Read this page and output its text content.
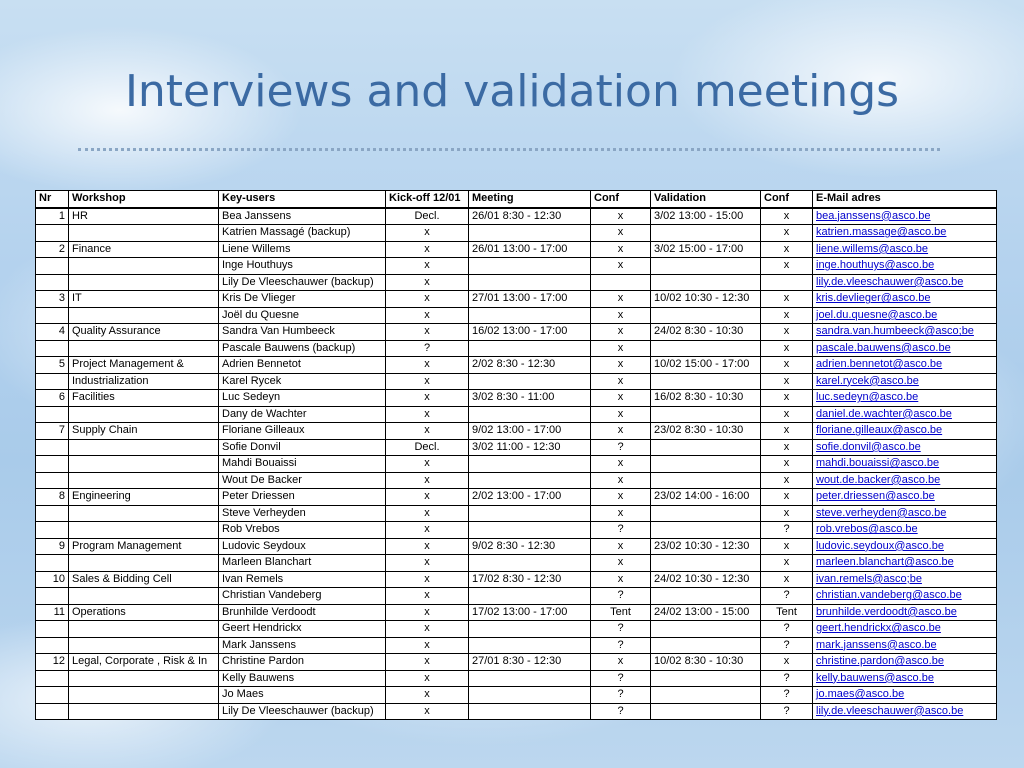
Interviews and validation meetings
Nr	Workshop	Key-users	Kick-off 12/01	Meeting	Conf	Validation	Conf	E-Mail adres
1	HR	Bea Janssens	Decl.	26/01 8:30 - 12:30	x	3/02 13:00 - 15:00	x	bea.janssens@asco.be
		Katrien Massagé (backup)	x		x		x	katrien.massage@asco.be
2	Finance	Liene Willems	x	26/01 13:00 - 17:00	x	3/02 15:00 - 17:00	x	liene.willems@asco.be
		Inge Houthuys	x		x		x	inge.houthuys@asco.be
		Lily De Vleeschauwer (backup)	x					lily.de.vleeschauwer@asco.be
3	IT	Kris De Vlieger	x	27/01 13:00 - 17:00	x	10/02 10:30 - 12:30	x	kris.devlieger@asco.be
		Joël du Quesne	x		x		x	joel.du.quesne@asco.be
4	Quality Assurance	Sandra Van Humbeeck	x	16/02 13:00 - 17:00	x	24/02 8:30 - 10:30	x	sandra.van.humbeeck@asco;be
		Pascale Bauwens (backup)	?		x		x	pascale.bauwens@asco.be
5	Project Management &	Adrien Bennetot	x	2/02 8:30 - 12:30	x	10/02 15:00 - 17:00	x	adrien.bennetot@asco.be
	Industrialization	Karel Rycek	x		x		x	karel.rycek@asco.be
6	Facilities	Luc Sedeyn	x	3/02 8:30 - 11:00	x	16/02 8:30 - 10:30	x	luc.sedeyn@asco.be
		Dany de Wachter	x		x		x	daniel.de.wachter@asco.be
7	Supply Chain	Floriane Gilleaux	x	9/02 13:00 - 17:00	x	23/02 8:30 - 10:30	x	floriane.gilleaux@asco.be
		Sofie Donvil	Decl.	3/02 11:00 - 12:30	?		x	sofie.donvil@asco.be
		Mahdi Bouaissi	x		x		x	mahdi.bouaissi@asco.be
		Wout De Backer	x		x		x	wout.de.backer@asco.be
8	Engineering	Peter Driessen	x	2/02 13:00 - 17:00	x	23/02 14:00 - 16:00	x	peter.driessen@asco.be
		Steve Verheyden	x		x		x	steve.verheyden@asco.be
		Rob Vrebos	x		?		?	rob.vrebos@asco.be
9	Program Management	Ludovic Seydoux	x	9/02 8:30 - 12:30	x	23/02 10:30 - 12:30	x	ludovic.seydoux@asco.be
		Marleen Blanchart	x		x		x	marleen.blanchart@asco.be
10	Sales & Bidding Cell	Ivan Remels	x	17/02 8:30 - 12:30	x	24/02 10:30 - 12:30	x	ivan.remels@asco;be
		Christian Vandeberg	x		?		?	christian.vandeberg@asco.be
11	Operations	Brunhilde Verdoodt	x	17/02 13:00 - 17:00	Tent	24/02 13:00 - 15:00	Tent	brunhilde.verdoodt@asco.be
		Geert Hendrickx	x		?		?	geert.hendrickx@asco.be
		Mark Janssens	x		?		?	mark.janssens@asco.be
12	Legal, Corporate , Risk & In	Christine Pardon	x	27/01 8:30 - 12:30	x	10/02 8:30 - 10:30	x	christine.pardon@asco.be
		Kelly Bauwens	x		?		?	kelly.bauwens@asco.be
		Jo Maes	x		?		?	jo.maes@asco.be
		Lily De Vleeschauwer (backup)	x		?		?	lily.de.vleeschauwer@asco.be
